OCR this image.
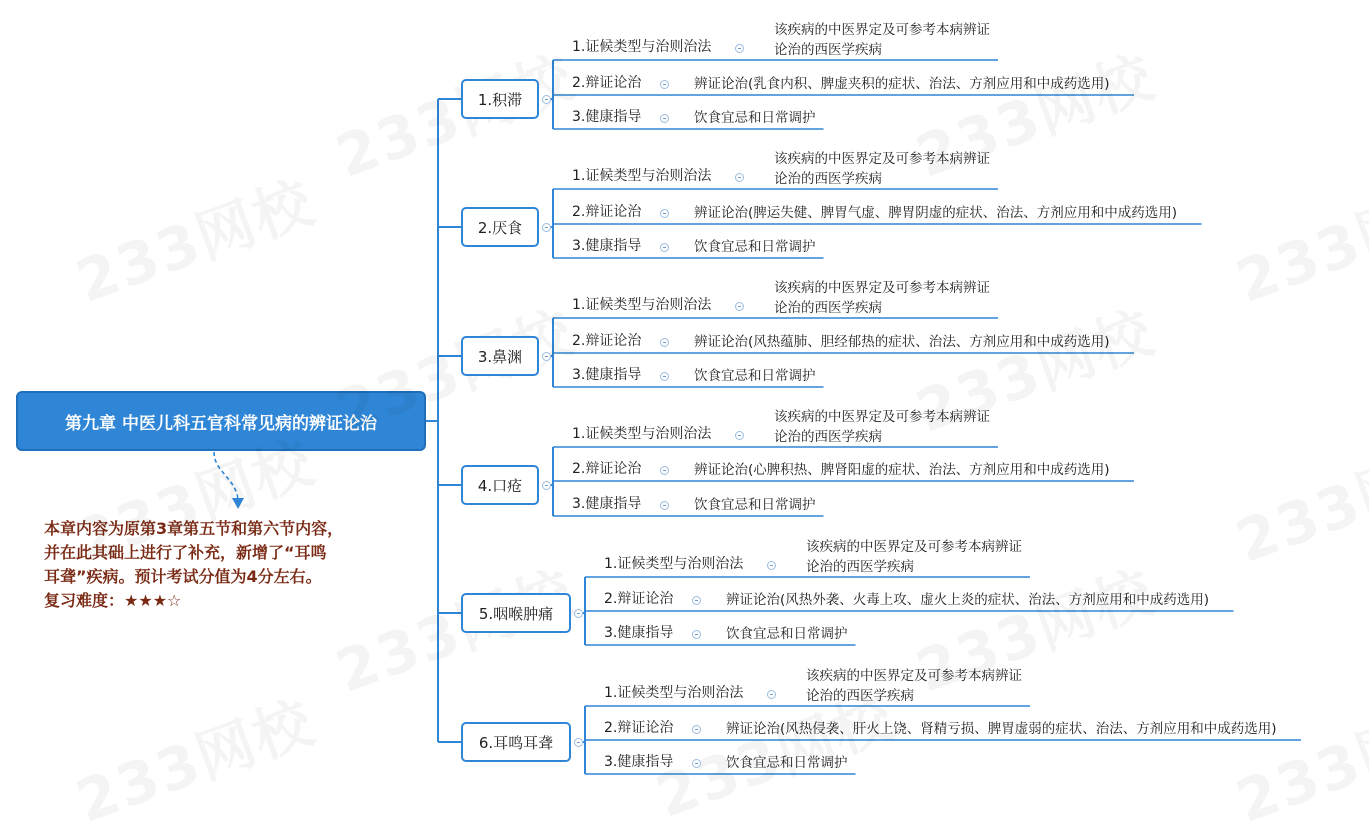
第九章 中医儿科五官科常见病的辨证论治
本章内容为原第3章第五节和第六节内容，
并在此其础上进行了补充，新增了“耳鸣
耳聋”疾病。预计考试分值为4分左右。
复习难度：★★★☆
1.积滞
1.证候类型与治则治法
该疾病的中医界定及可参考本病辨证
论治的西医学疾病
2.辩证论治	辨证论治(乳食内积、脾虚夹积的症状、治法、方剂应用和中成药选用)
3.健康指导	饮食宜忌和日常调护
2.厌食
1.证候类型与治则治法
该疾病的中医界定及可参考本病辨证
论治的西医学疾病
2.辩证论治	辨证论治(脾运失健、脾胃气虚、脾胃阴虚的症状、治法、方剂应用和中成药选用)
3.健康指导	饮食宜忌和日常调护
3.鼻渊
1.证候类型与治则治法
该疾病的中医界定及可参考本病辨证
论治的西医学疾病
2.辩证论治	辨证论治(风热蕴肺、胆经郁热的症状、治法、方剂应用和中成药选用)
3.健康指导	饮食宜忌和日常调护
4.口疮
1.证候类型与治则治法
该疾病的中医界定及可参考本病辨证
论治的西医学疾病
2.辩证论治	辨证论治(心脾积热、脾肾阳虚的症状、治法、方剂应用和中成药选用)
3.健康指导	饮食宜忌和日常调护
5.咽喉肿痛
1.证候类型与治则治法
该疾病的中医界定及可参考本病辨证
论治的西医学疾病
2.辩证论治	辨证论治(风热外袭、火毒上攻、虚火上炎的症状、治法、方剂应用和中成药选用)
3.健康指导	饮食宜忌和日常调护
6.耳鸣耳聋
1.证候类型与治则治法
该疾病的中医界定及可参考本病辨证
论治的西医学疾病
2.辩证论治	辨证论治(风热侵袭、肝火上饶、肾精亏损、脾胃虚弱的症状、治法、方剂应用和中成药选用)
3.健康指导	饮食宜忌和日常调护
